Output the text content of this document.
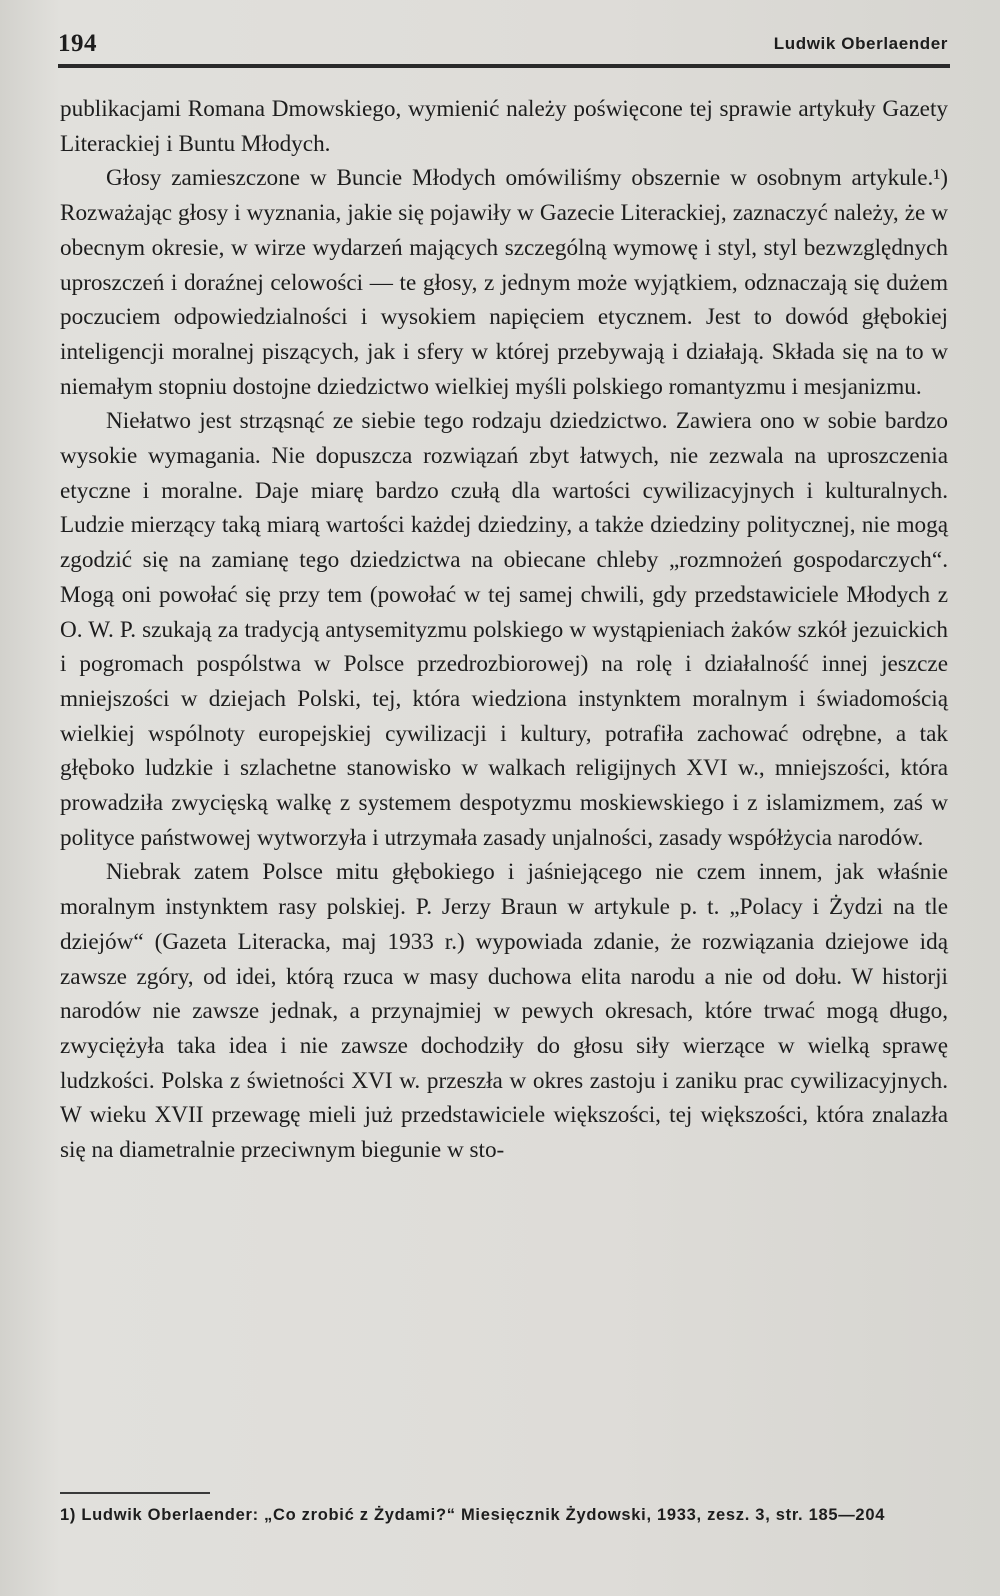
194	Ludwik Oberlaender

publikacjami Romana Dmowskiego, wymienić należy poświęcone tej sprawie artykuły Gazety Literackiej i Buntu Młodych.

Głosy zamieszczone w Buncie Młodych omówiliśmy obszernie w osobnym artykule.¹) Rozważając głosy i wyznania, jakie się pojawiły w Gazecie Literackiej, zaznaczyć należy, że w obecnym okresie, w wirze wydarzeń mających szczególną wymowę i styl, styl bezwzględnych uproszczeń i doraźnej celowości — te głosy, z jednym może wyjątkiem, odznaczają się dużem poczuciem odpowiedzialności i wysokiem napięciem etycznem. Jest to dowód głębokiej inteligencji moralnej piszących, jak i sfery w której przebywają i działają. Składa się na to w niemałym stopniu dostojne dziedzictwo wielkiej myśli polskiego romantyzmu i mesjanizmu.

Niełatwo jest strząsnąć ze siebie tego rodzaju dziedzictwo. Zawiera ono w sobie bardzo wysokie wymagania. Nie dopuszcza rozwiązań zbyt łatwych, nie zezwala na uproszczenia etyczne i moralne. Daje miarę bardzo czułą dla wartości cywilizacyjnych i kulturalnych. Ludzie mierzący taką miarą wartości każdej dziedziny, a także dziedziny politycznej, nie mogą zgodzić się na zamianę tego dziedzictwa na obiecane chleby „rozmnożeń gospodarczych“. Mogą oni powołać się przy tem (powołać w tej samej chwili, gdy przedstawiciele Młodych z O. W. P. szukają za tradycją antysemityzmu polskiego w wystąpieniach żaków szkół jezuickich i pogromach pospólstwa w Polsce przedrozbiorowej) na rolę i działalność innej jeszcze mniejszości w dziejach Polski, tej, która wiedziona instynktem moralnym i świadomością wielkiej wspólnoty europejskiej cywilizacji i kultury, potrafiła zachować odrębne, a tak głęboko ludzkie i szlachetne stanowisko w walkach religijnych XVI w., mniejszości, która prowadziła zwycięską walkę z systemem despotyzmu moskiewskiego i z islamizmem, zaś w polityce państwowej wytworzyła i utrzymała zasady unjalności, zasady współżycia narodów.

Niebrak zatem Polsce mitu głębokiego i jaśniejącego nie czem innem, jak właśnie moralnym instynktem rasy polskiej. P. Jerzy Braun w artykule p. t. „Polacy i Żydzi na tle dziejów“ (Gazeta Literacka, maj 1933 r.) wypowiada zdanie, że rozwiązania dziejowe idą zawsze zgóry, od idei, którą rzuca w masy duchowa elita narodu a nie od dołu. W historji narodów nie zawsze jednak, a przynajmiej w pewych okresach, które trwać mogą długo, zwyciężyła taka idea i nie zawsze dochodziły do głosu siły wierzące w wielką sprawę ludzkości. Polska z świetności XVI w. przeszła w okres zastoju i zaniku prac cywilizacyjnych. W wieku XVII przewagę mieli już przedstawiciele większości, tej większości, która znalazła się na diametralnie przeciwnym biegunie w sto-

1) Ludwik Oberlaender: „Co zrobić z Żydami?“ Miesięcznik Żydowski, 1933, zesz. 3, str. 185—204
